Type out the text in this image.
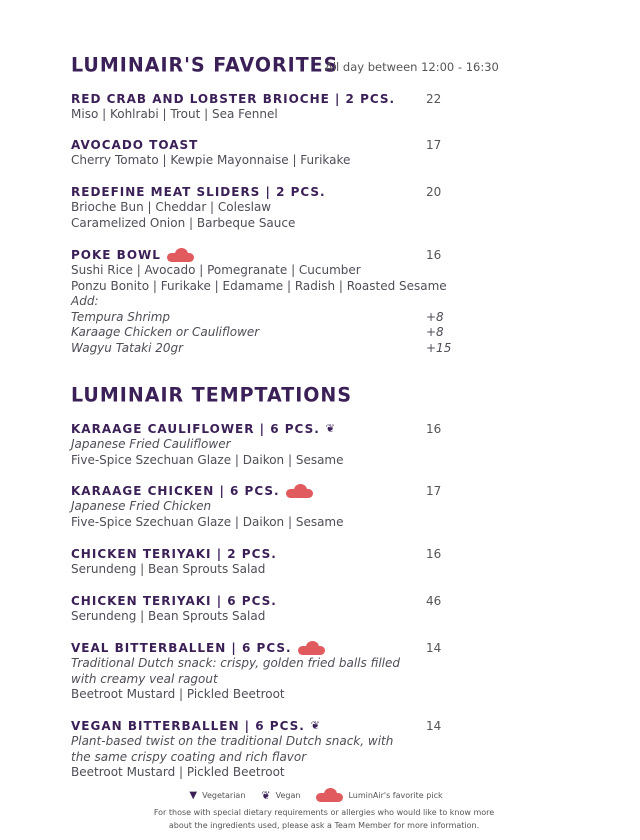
LUMINAIR'S FAVORITES
All day between 12:00 - 16:30
RED CRAB AND LOBSTER BRIOCHE | 2 PCS.	22
Miso | Kohlrabi | Trout | Sea Fennel
AVOCADO TOAST	17
Cherry Tomato | Kewpie Mayonnaise | Furikake
REDEFINE MEAT SLIDERS | 2 PCS.	20
Brioche Bun | Cheddar | Coleslaw
Caramelized Onion | Barbeque Sauce
POKE BOWL	16
Sushi Rice | Avocado | Pomegranate | Cucumber
Ponzu Bonito | Furikake | Edamame | Radish | Roasted Sesame
Add:
Tempura Shrimp	+8
Karaage Chicken or Cauliflower	+8
Wagyu Tataki 20gr	+15
LUMINAIR TEMPTATIONS
KARAAGE CAULIFLOWER | 6 PCS. ❦	16
Japanese Fried Cauliflower
Five-Spice Szechuan Glaze | Daikon | Sesame
KARAAGE CHICKEN | 6 PCS.	17
Japanese Fried Chicken
Five-Spice Szechuan Glaze | Daikon | Sesame
CHICKEN TERIYAKI | 2 PCS.	16
Serundeng | Bean Sprouts Salad
CHICKEN TERIYAKI | 6 PCS.	46
Serundeng | Bean Sprouts Salad
VEAL BITTERBALLEN | 6 PCS.	14
Traditional Dutch snack: crispy, golden fried balls filled
with creamy veal ragout
Beetroot Mustard | Pickled Beetroot
VEGAN BITTERBALLEN | 6 PCS. ❦	14
Plant-based twist on the traditional Dutch snack, with
the same crispy coating and rich flavor
Beetroot Mustard | Pickled Beetroot
▼ Vegetarian ❦ Vegan	LuminAir's favorite pick
For those with special dietary requirements or allergies who would like to know more
about the ingredients used, please ask a Team Member for more information.
